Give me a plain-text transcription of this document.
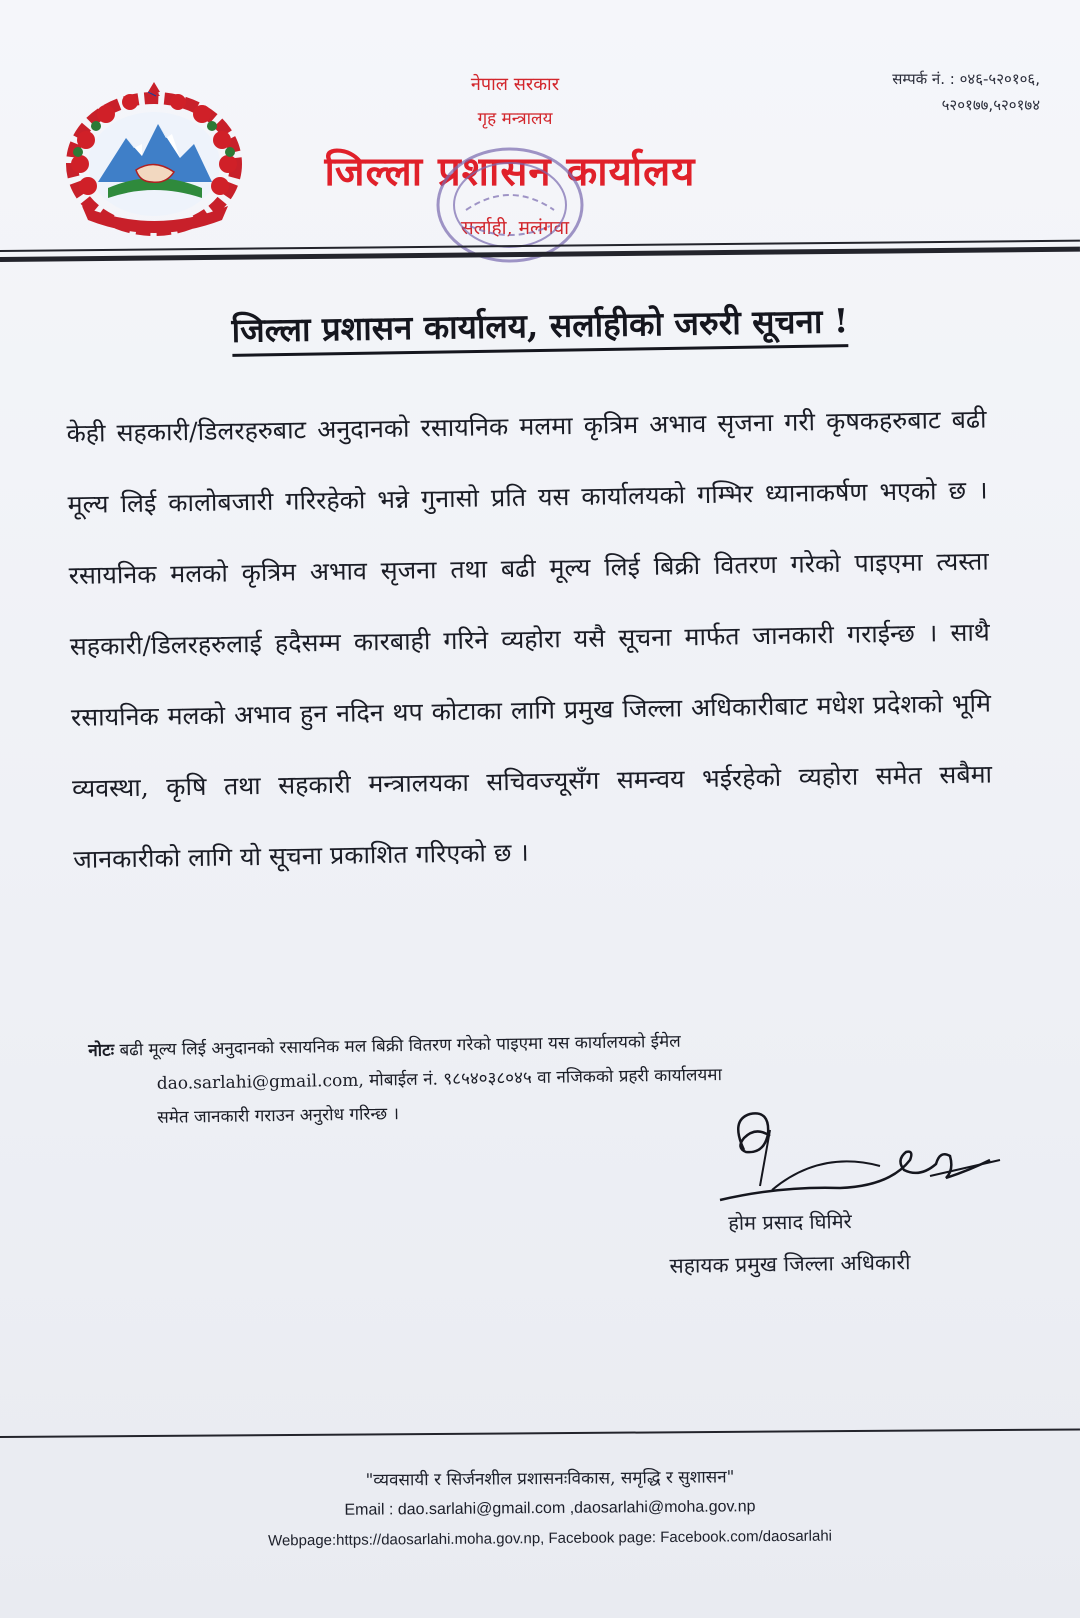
नेपाल सरकार
गृह मन्त्रालय
जिल्ला प्रशासन कार्यालय
सर्लाही, मलंगवा
सम्पर्क नं. : ०४६-५२०१०६,
५२०१७७,५२०१७४
जिल्ला प्रशासन कार्यालय, सर्लाहीको जरुरी सूचना !
केही सहकारी/डिलरहरुबाट अनुदानको रसायनिक मलमा कृत्रिम अभाव सृजना गरी कृषकहरुबाट बढी मूल्य लिई कालोबजारी गरिरहेको भन्ने गुनासो प्रति यस कार्यालयको गम्भिर ध्यानाकर्षण भएको छ । रसायनिक मलको कृत्रिम अभाव सृजना तथा बढी मूल्य लिई बिक्री वितरण गरेको पाइएमा त्यस्ता सहकारी/डिलरहरुलाई हदैसम्म कारबाही गरिने व्यहोरा यसै सूचना मार्फत जानकारी गराईन्छ । साथै रसायनिक मलको अभाव हुन नदिन थप कोटाका लागि प्रमुख जिल्ला अधिकारीबाट मधेश प्रदेशको भूमि व्यवस्था, कृषि तथा सहकारी मन्त्रालयका सचिवज्यूसँग समन्वय भईरहेको व्यहोरा समेत सबैमा जानकारीको लागि यो सूचना प्रकाशित गरिएको छ ।
नोटः बढी मूल्य लिई अनुदानको रसायनिक मल बिक्री वितरण गरेको पाइएमा यस कार्यालयको ईमेल
dao.sarlahi@gmail.com, मोबाईल नं. ९८५४०३८०४५ वा नजिकको प्रहरी कार्यालयमा
समेत जानकारी गराउन अनुरोध गरिन्छ ।
होम प्रसाद घिमिरे
सहायक प्रमुख जिल्ला अधिकारी
"व्यवसायी र सिर्जनशील प्रशासनःविकास, समृद्धि र सुशासन"
Email : dao.sarlahi@gmail.com ,daosarlahi@moha.gov.np
Webpage:https://daosarlahi.moha.gov.np, Facebook page: Facebook.com/daosarlahi
